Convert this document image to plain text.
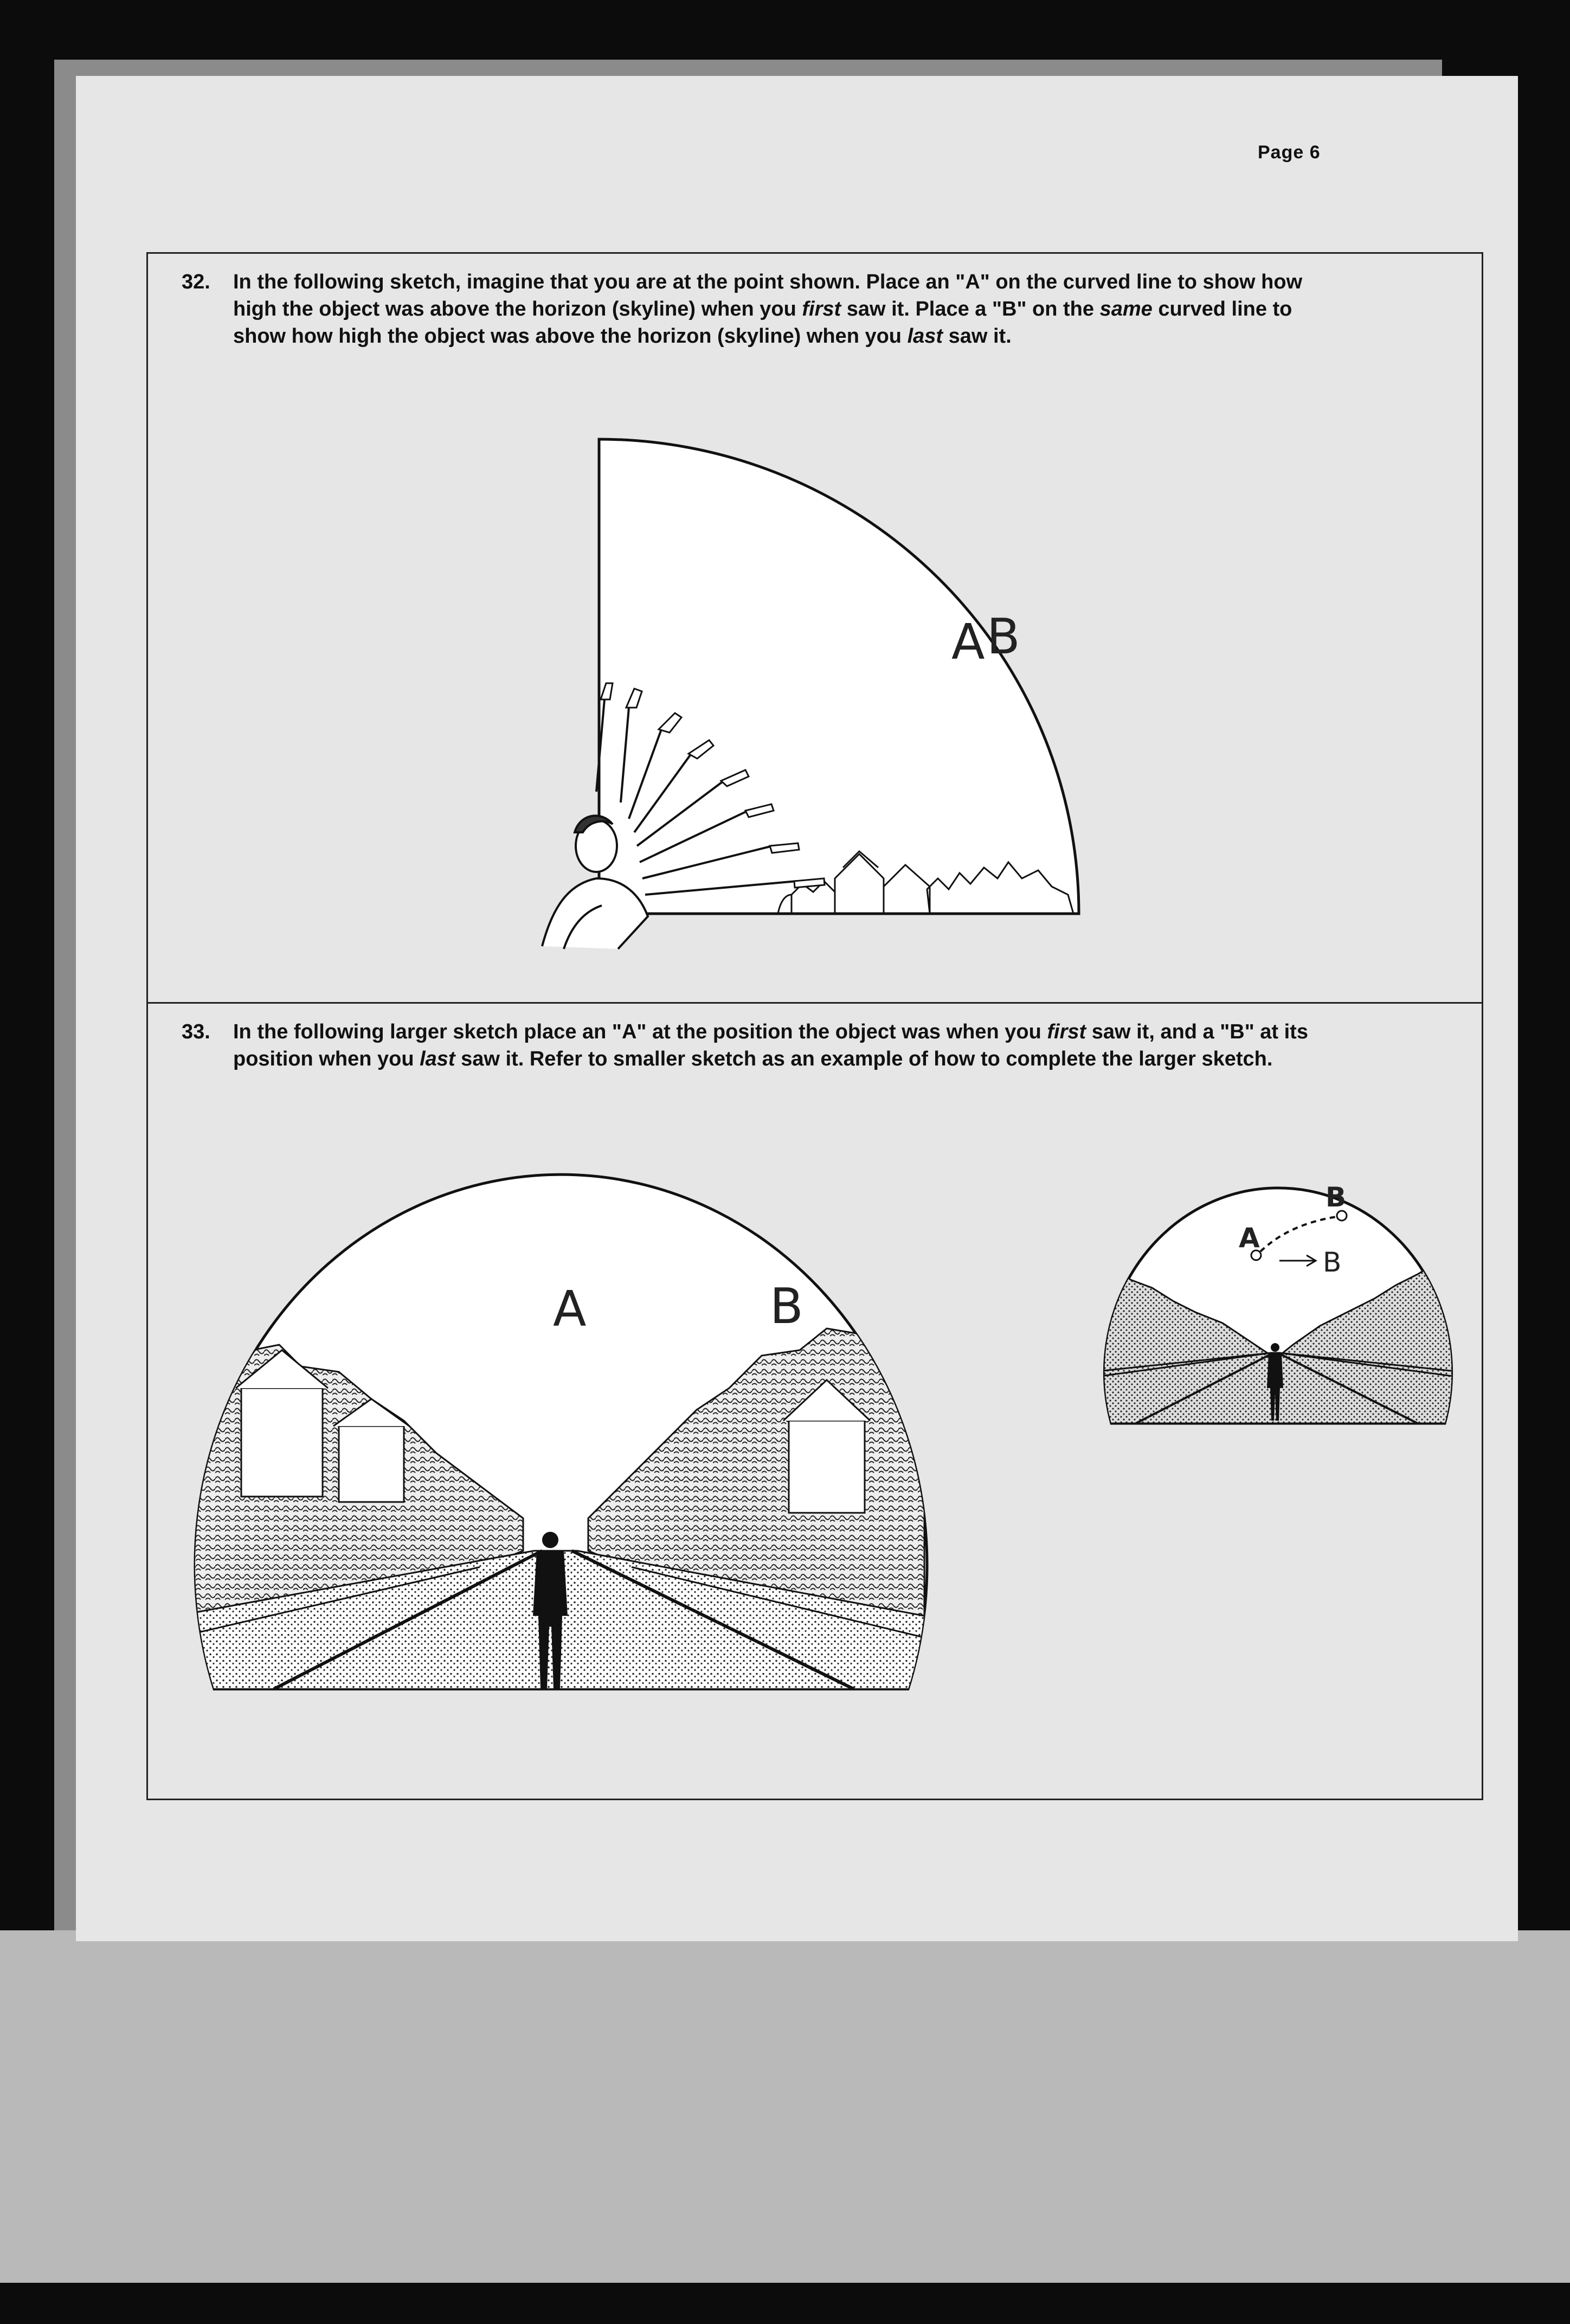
Page 6
32. In the following sketch, imagine that you are at the point shown. Place an "A" on the curved line to show how
high the object was above the horizon (skyline) when you first saw it. Place a "B" on the same curved line to
show how high the object was above the horizon (skyline) when you last saw it.
A B
33. In the following larger sketch place an "A" at the position the object was when you first saw it, and a "B" at its
position when you last saw it. Refer to smaller sketch as an example of how to complete the larger sketch.
A	B
A
B
B
